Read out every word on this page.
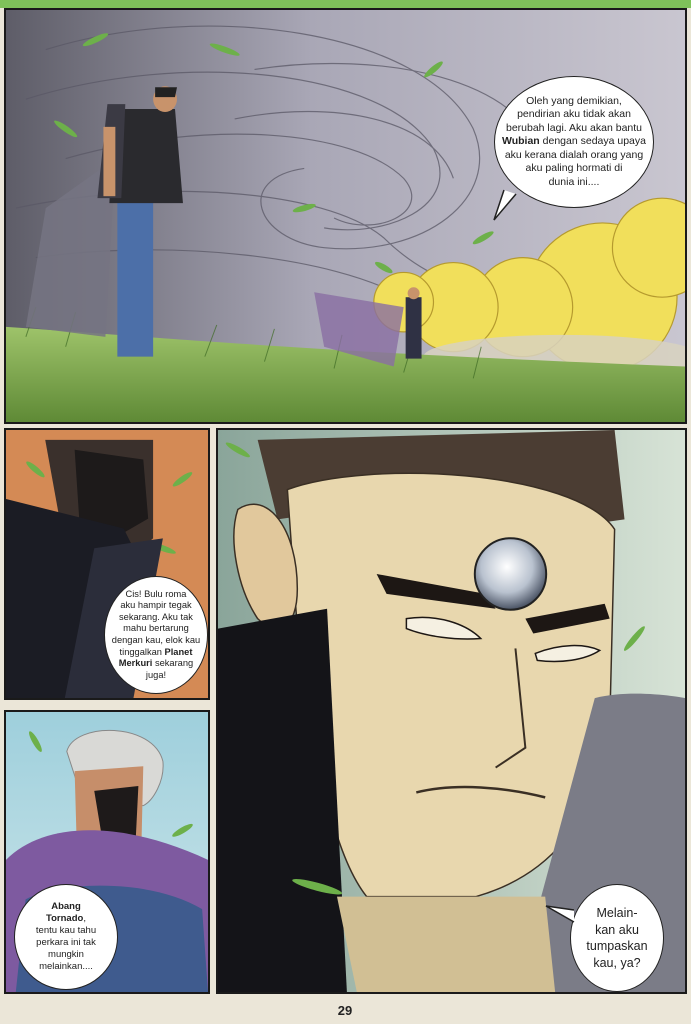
Oleh yang demikian,
pendirian aku tidak akan
berubah lagi. Aku akan bantu
Wubian dengan sedaya upaya
aku kerana dialah orang yang
aku paling hormati di
dunia ini....
Cis! Bulu roma
aku hampir tegak
sekarang. Aku tak
mahu bertarung
dengan kau, elok kau
tinggalkan Planet
Merkuri sekarang
juga!
Abang
Tornado,
tentu kau tahu
perkara ini tak
mungkin
melainkan....
Melain-
kan aku
tumpaskan
kau, ya?
29
